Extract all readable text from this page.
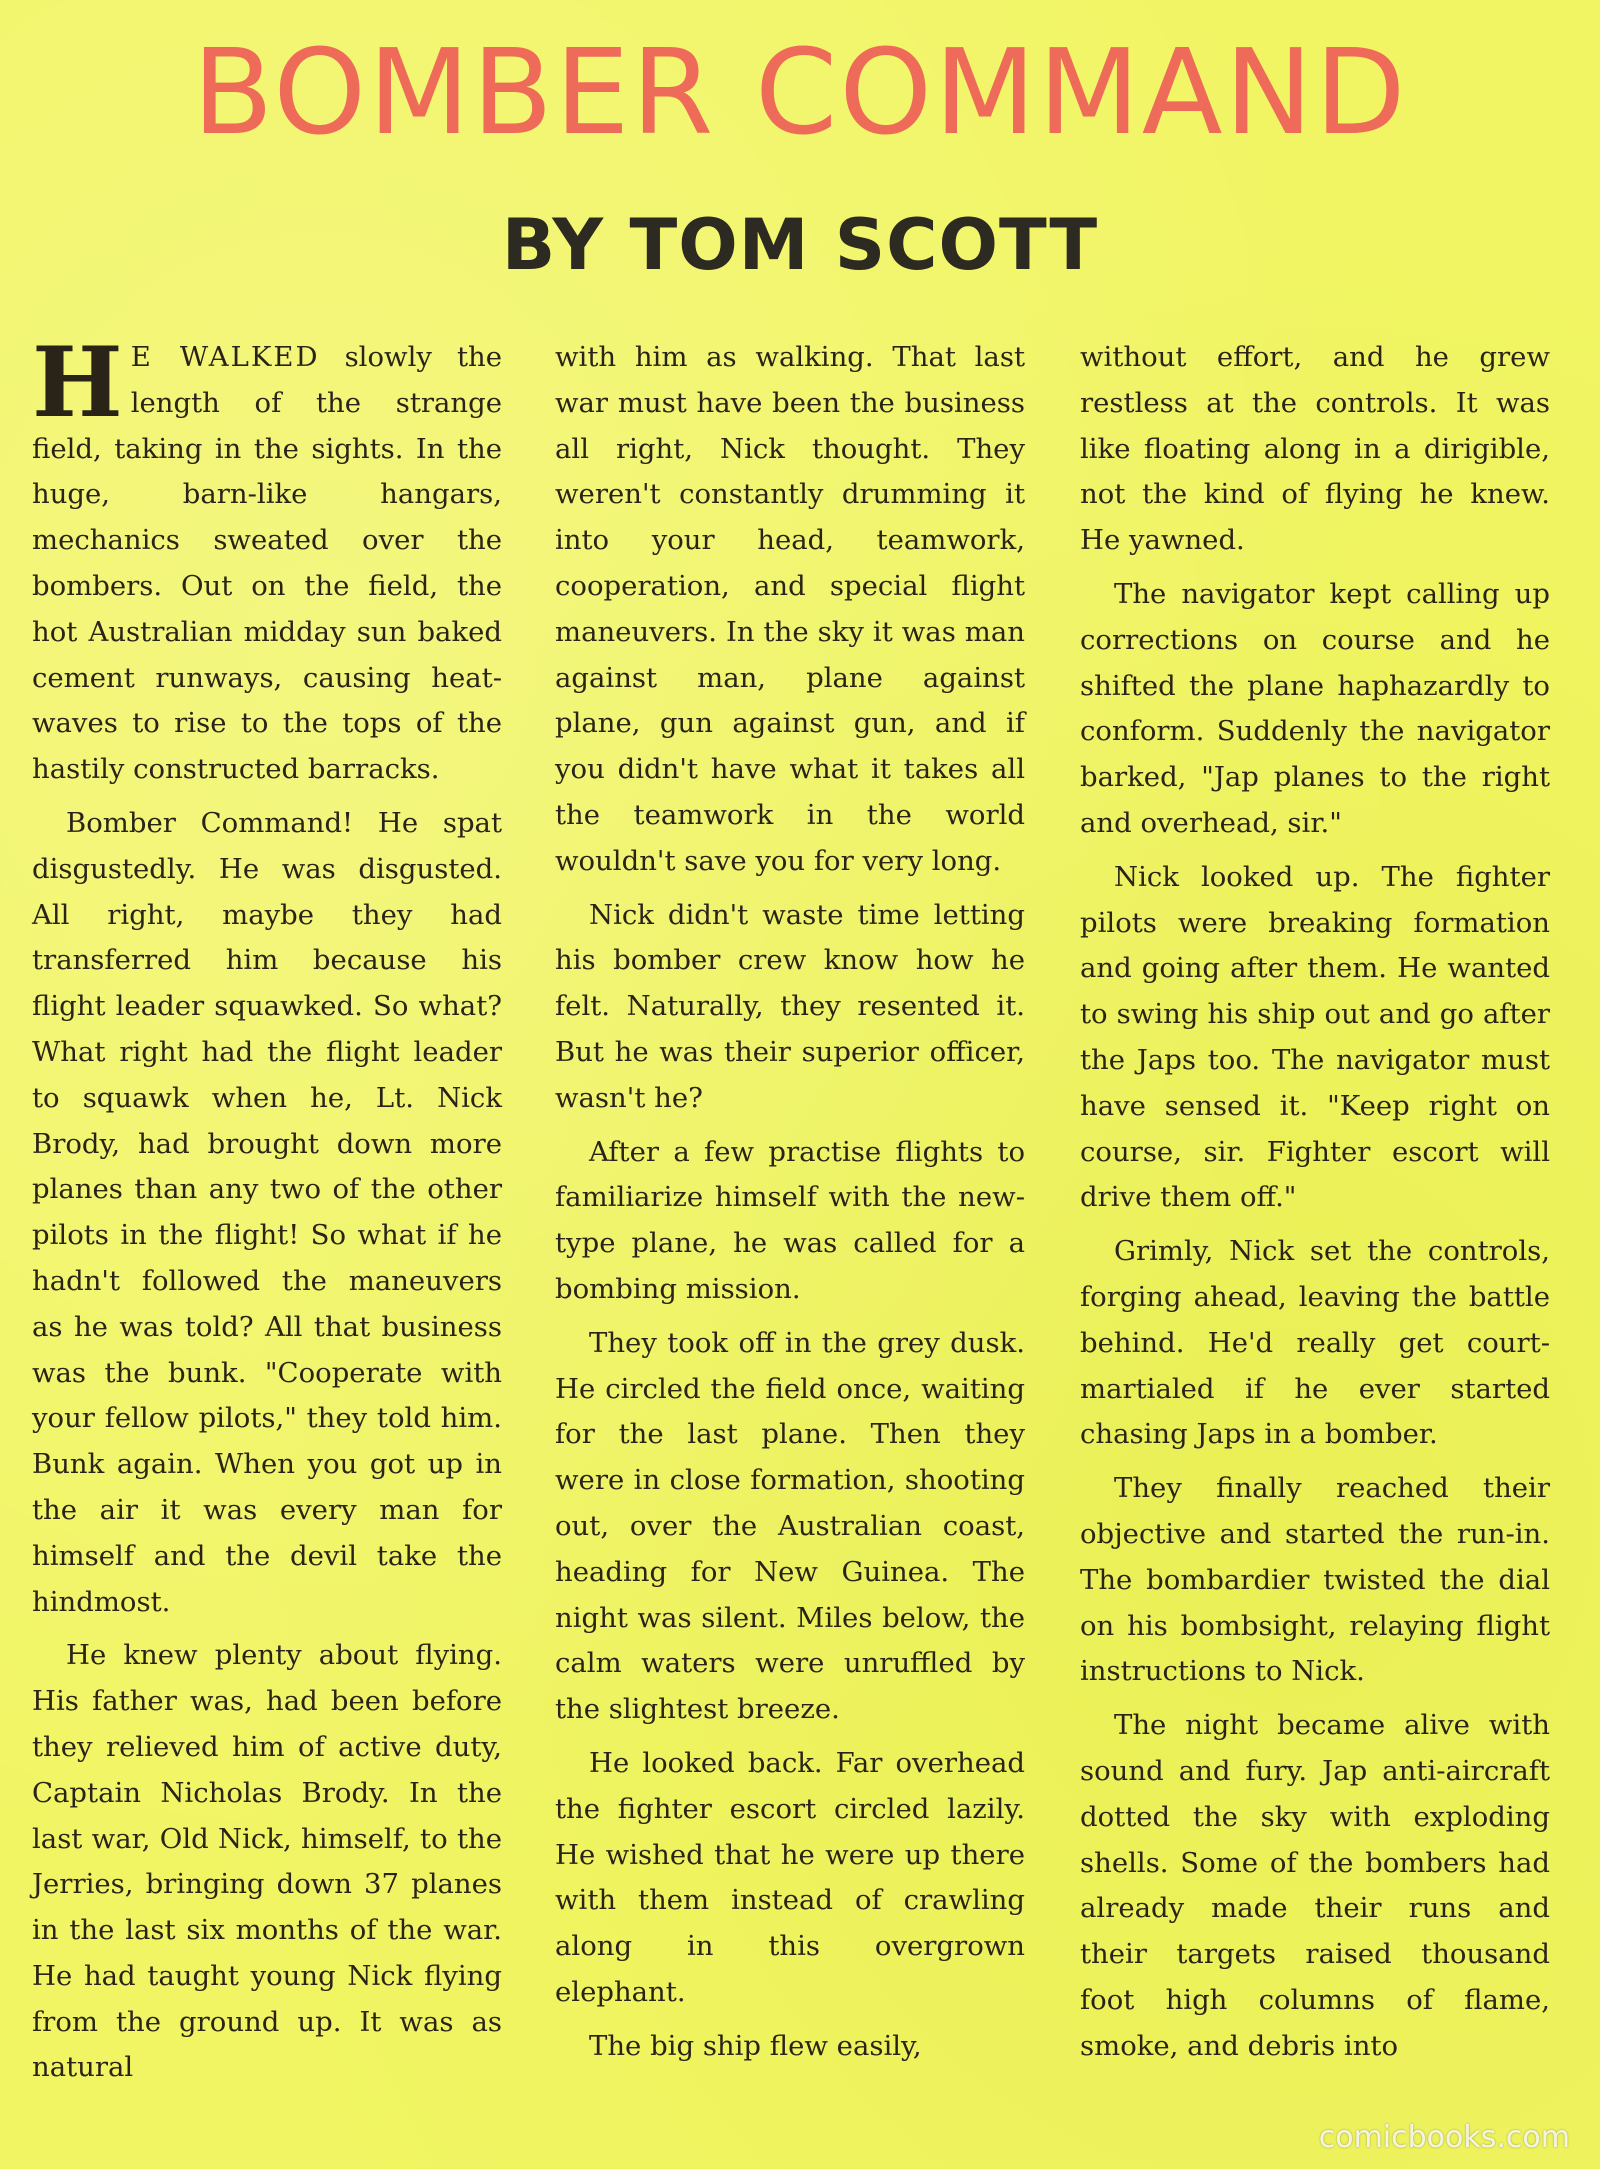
BOMBER COMMAND
BY TOM SCOTT

H E WALKED slowly the length of the strange field, taking in the sights. In the huge, barn-like hangars, mechanics sweated over the bombers. Out on the field, the hot Australian midday sun baked cement runways, causing heat-waves to rise to the tops of the hastily constructed barracks.

Bomber Command! He spat disgustedly. He was disgusted. All right, maybe they had transferred him because his flight leader squawked. So what? What right had the flight leader to squawk when he, Lt. Nick Brody, had brought down more planes than any two of the other pilots in the flight! So what if he hadn't followed the maneuvers as he was told? All that business was the bunk. "Cooperate with your fellow pilots," they told him. Bunk again. When you got up in the air it was every man for himself and the devil take the hindmost.

He knew plenty about flying. His father was, had been before they relieved him of active duty, Captain Nicholas Brody. In the last war, Old Nick, himself, to the Jerries, bringing down 37 planes in the last six months of the war. He had taught young Nick flying from the ground up. It was as natural

with him as walking. That last war must have been the business all right, Nick thought. They weren't constantly drumming it into your head, teamwork, cooperation, and special flight maneuvers. In the sky it was man against man, plane against plane, gun against gun, and if you didn't have what it takes all the teamwork in the world wouldn't save you for very long.

Nick didn't waste time letting his bomber crew know how he felt. Naturally, they resented it. But he was their superior officer, wasn't he?

After a few practise flights to familiarize himself with the new-type plane, he was called for a bombing mission.

They took off in the grey dusk. He circled the field once, waiting for the last plane. Then they were in close formation, shooting out, over the Australian coast, heading for New Guinea. The night was silent. Miles below, the calm waters were unruffled by the slightest breeze.

He looked back. Far overhead the fighter escort circled lazily. He wished that he were up there with them instead of crawling along in this overgrown elephant.

The big ship flew easily,

without effort, and he grew restless at the controls. It was like floating along in a dirigible, not the kind of flying he knew. He yawned.

The navigator kept calling up corrections on course and he shifted the plane haphazardly to conform. Suddenly the navigator barked, "Jap planes to the right and overhead, sir."

Nick looked up. The fighter pilots were breaking formation and going after them. He wanted to swing his ship out and go after the Japs too. The navigator must have sensed it. "Keep right on course, sir. Fighter escort will drive them off."

Grimly, Nick set the controls, forging ahead, leaving the battle behind. He'd really get court-martialed if he ever started chasing Japs in a bomber.

They finally reached their objective and started the run-in. The bombardier twisted the dial on his bombsight, relaying flight instructions to Nick.

The night became alive with sound and fury. Jap anti-aircraft dotted the sky with exploding shells. Some of the bombers had already made their runs and their targets raised thousand foot high columns of flame, smoke, and debris into

comicbooks.com
